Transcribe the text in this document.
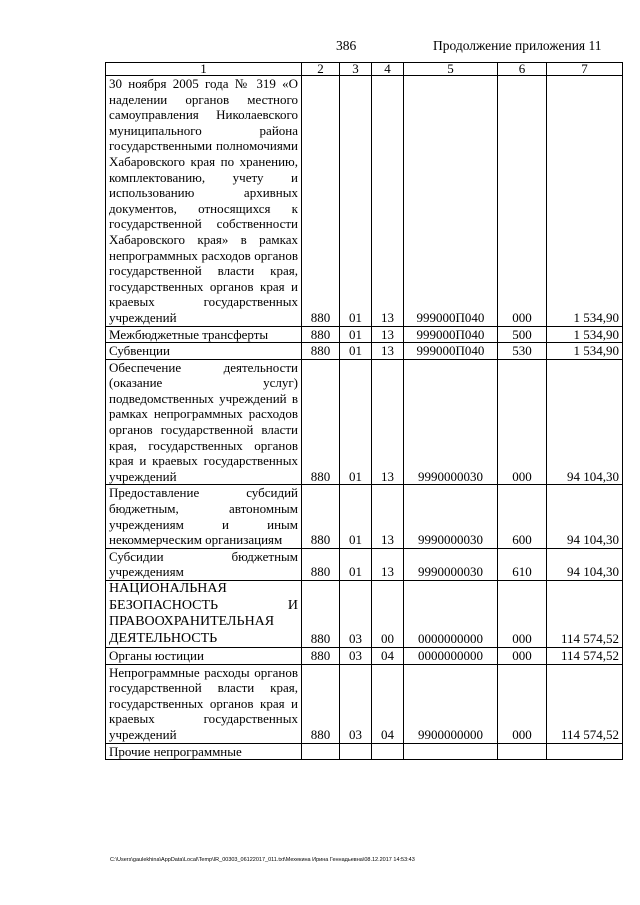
386	Продолжение приложения 11
1	2	3	4	5	6	7
30 ноября 2005 года № 319 «О наделении органов местного самоуправления Николаевского муниципального района государственными полномочиями Хабаровского края по хранению, комплектованию, учету и использованию архивных документов, относящихся к государственной собственности Хабаровского края» в рамках непрограммных расходов органов государственной власти края, государственных органов края и краевых государственных учреждений	880	01	13	999000П040	000	1 534,90
Межбюджетные трансферты	880	01	13	999000П040	500	1 534,90
Субвенции	880	01	13	999000П040	530	1 534,90
Обеспечение деятельности (оказание услуг) подведомственных учреждений в рамках непрограммных расходов органов государственной власти края, государственных органов края и краевых государственных учреждений	880	01	13	9990000030	000	94 104,30
Предоставление субсидий бюджетным, автономным учреждениям и иным некоммерческим организациям	880	01	13	9990000030	600	94 104,30
Субсидии бюджетным учреждениям	880	01	13	9990000030	610	94 104,30
НАЦИОНАЛЬНАЯ БЕЗОПАСНОСТЬ И ПРАВООХРАНИТЕЛЬНАЯ ДЕЯТЕЛЬНОСТЬ	880	03	00	0000000000	000	114 574,52
Органы юстиции	880	03	04	0000000000	000	114 574,52
Непрограммные расходы органов государственной власти края, государственных органов края и краевых государственных учреждений	880	03	04	9900000000	000	114 574,52
Прочие непрограммные						
C:\Users\gaulekhina\AppData\Local\Temp\IR_00303_06122017_011.txt\Мехекина Ирина Геннадьевна\08.12.2017 14:53:43
